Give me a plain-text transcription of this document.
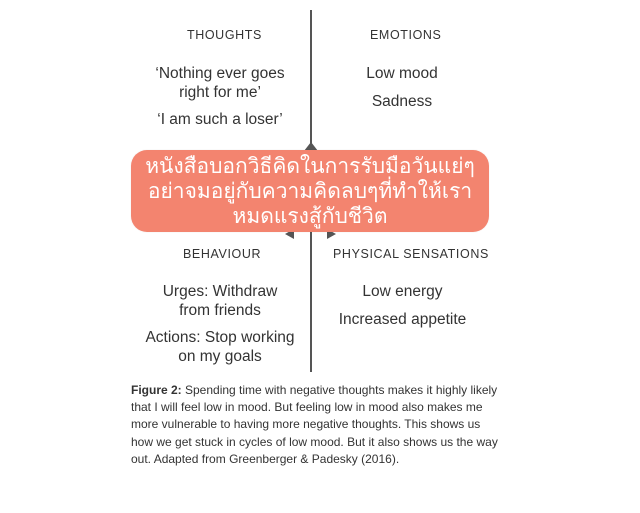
THOUGHTS
‘Nothing ever goes
right for me’
‘I am such a loser’
EMOTIONS
Low mood
Sadness
BEHAVIOUR
Urges: Withdraw
from friends
Actions: Stop working
on my goals
PHYSICAL SENSATIONS
Low energy
Increased appetite
หนังสือบอกวิธีคิดในการรับมือวันแย่ๆ
อย่าจมอยู่กับความคิดลบๆที่ทำให้เรา
หมดแรงสู้กับชีวิต
Figure 2: Spending time with negative thoughts makes it highly likely that I will feel low in mood. But feeling low in mood also makes me more vulnerable to having more negative thoughts. This shows us how we get stuck in cycles of low mood. But it also shows us the way out. Adapted from Greenberger & Padesky (2016).
